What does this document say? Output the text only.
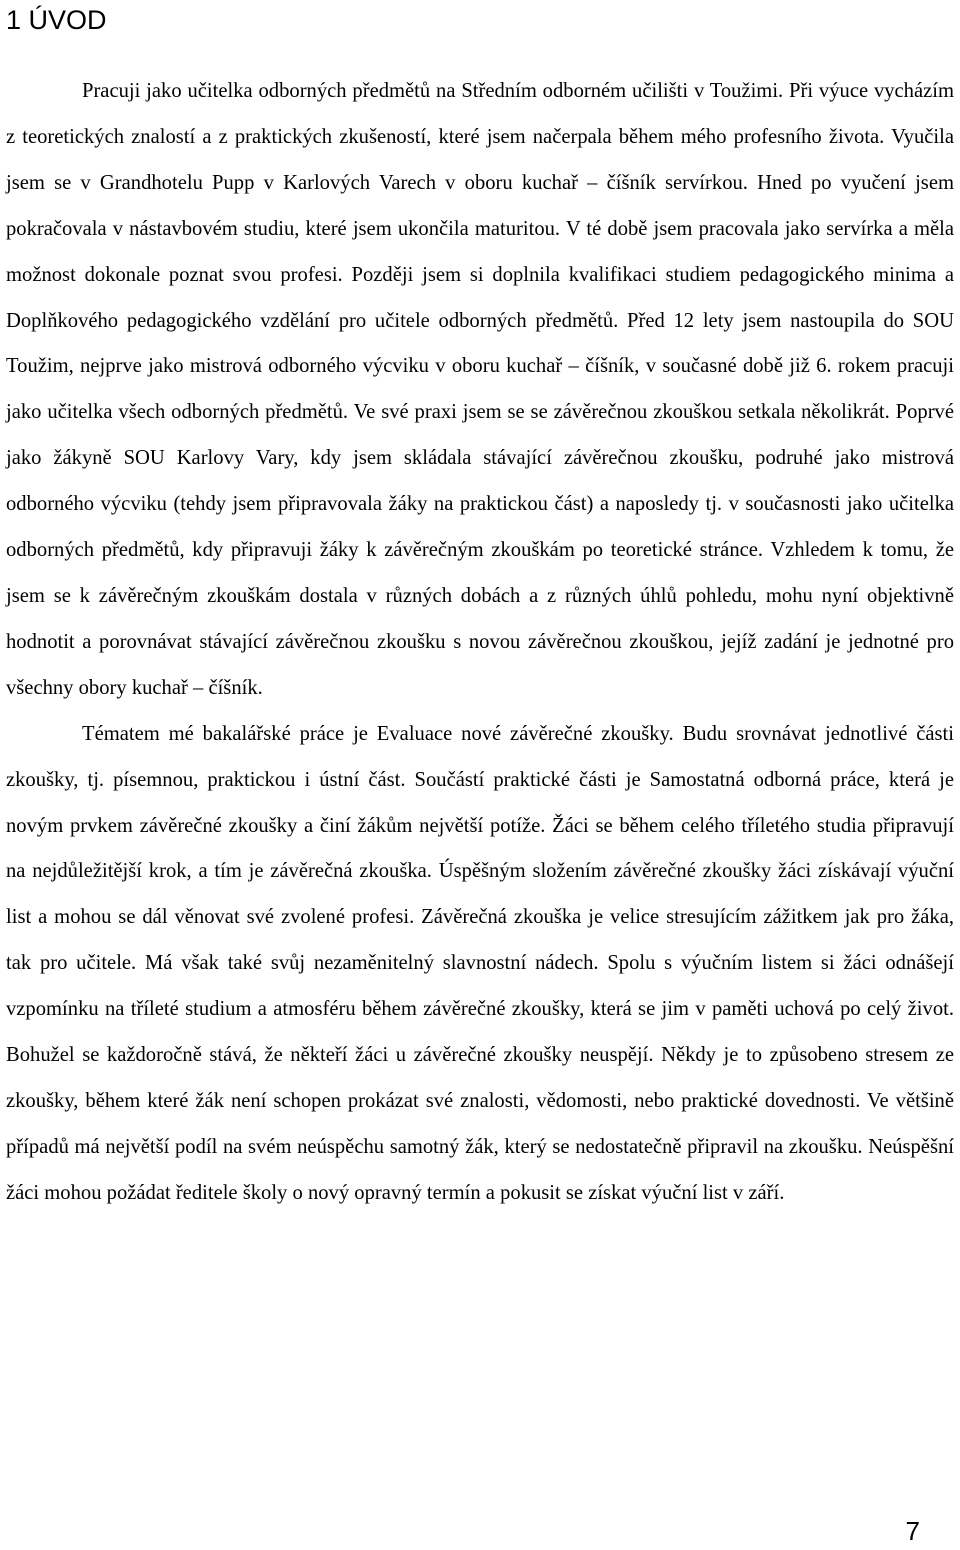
1 ÚVOD

Pracuji jako učitelka odborných předmětů na Středním odborném učilišti v Toužimi. Při výuce vycházím z teoretických znalostí a z praktických zkušeností, které jsem načerpala během mého profesního života. Vyučila jsem se v Grandhotelu Pupp v Karlových Varech v oboru kuchař – číšník servírkou. Hned po vyučení jsem pokračovala v nástavbovém studiu, které jsem ukončila maturitou. V té době jsem pracovala jako servírka a měla možnost dokonale poznat svou profesi. Později jsem si doplnila kvalifikaci studiem pedagogického minima a Doplňkového pedagogického vzdělání pro učitele odborných předmětů. Před 12 lety jsem nastoupila do SOU Toužim, nejprve jako mistrová odborného výcviku v oboru kuchař – číšník, v současné době již 6. rokem pracuji jako učitelka všech odborných předmětů. Ve své praxi jsem se se závěrečnou zkouškou setkala několikrát. Poprvé jako žákyně SOU Karlovy Vary, kdy jsem skládala stávající závěrečnou zkoušku, podruhé jako mistrová odborného výcviku (tehdy jsem připravovala žáky na praktickou část) a naposledy tj. v současnosti jako učitelka odborných předmětů, kdy připravuji žáky k závěrečným zkouškám po teoretické stránce. Vzhledem k tomu, že jsem se k závěrečným zkouškám dostala v různých dobách a z různých úhlů pohledu, mohu nyní objektivně hodnotit a porovnávat stávající závěrečnou zkoušku s novou závěrečnou zkouškou, jejíž zadání je jednotné pro všechny obory kuchař – číšník.

Tématem mé bakalářské práce je Evaluace nové závěrečné zkoušky. Budu srovnávat jednotlivé části zkoušky, tj. písemnou, praktickou i ústní část. Součástí praktické části je Samostatná odborná práce, která je novým prvkem závěrečné zkoušky a činí žákům největší potíže. Žáci se během celého tříletého studia připravují na nejdůležitější krok, a tím je závěrečná zkouška. Úspěšným složením závěrečné zkoušky žáci získávají výuční list a mohou se dál věnovat své zvolené profesi. Závěrečná zkouška je velice stresujícím zážitkem jak pro žáka, tak pro učitele. Má však také svůj nezaměnitelný slavnostní nádech. Spolu s výučním listem si žáci odnášejí vzpomínku na tříleté studium a atmosféru během závěrečné zkoušky, která se jim v paměti uchová po celý život. Bohužel se každoročně stává, že někteří žáci u závěrečné zkoušky neuspějí. Někdy je to způsobeno stresem ze zkoušky, během které žák není schopen prokázat své znalosti, vědomosti, nebo praktické dovednosti. Ve většině případů má největší podíl na svém neúspěchu samotný žák, který se nedostatečně připravil na zkoušku. Neúspěšní žáci mohou požádat ředitele školy o nový opravný termín a pokusit se získat výuční list v září.

7
